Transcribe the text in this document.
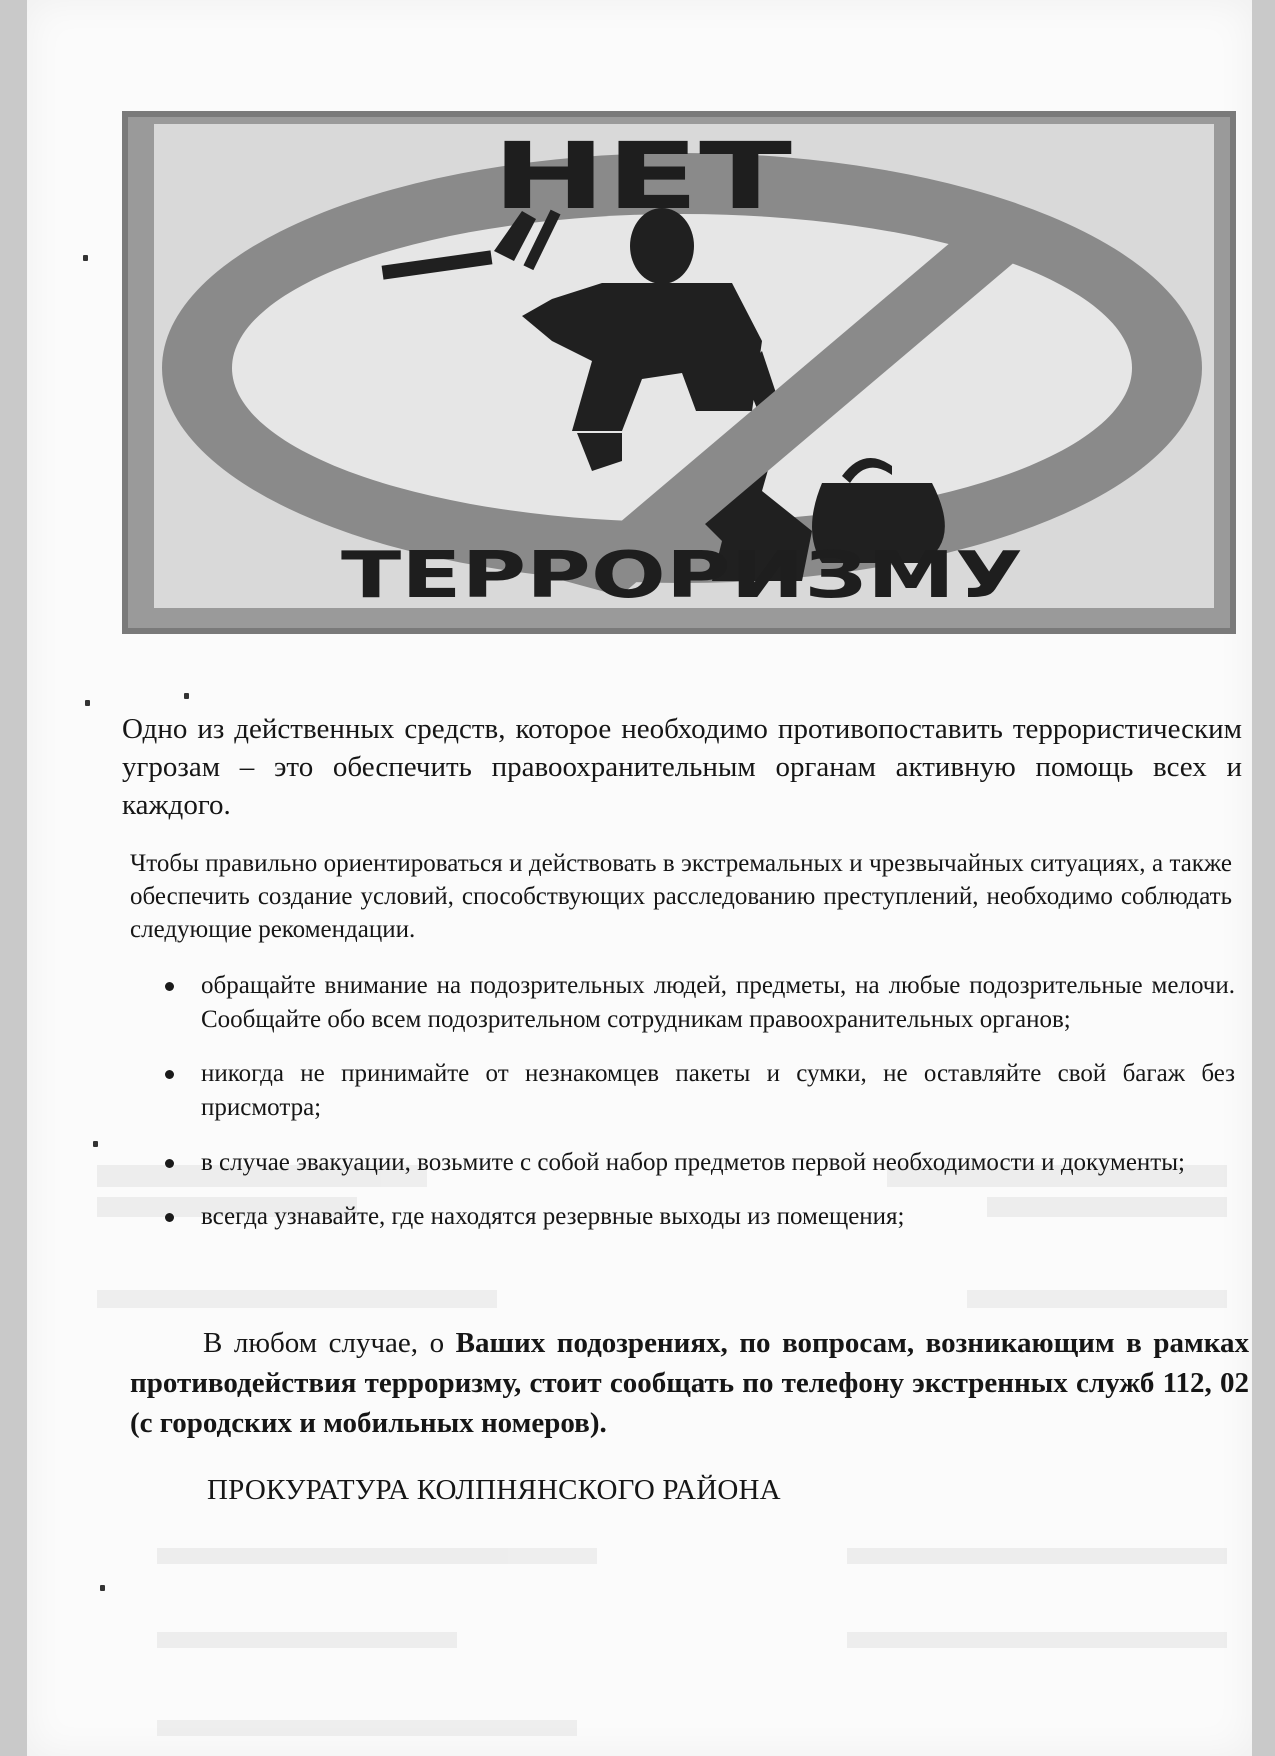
НЕТ
ТЕРРОРИЗМУ

Одно из действенных средств, которое необходимо противопоставить террористическим угрозам – это обеспечить правоохранительным органам активную помощь всех и каждого.

Чтобы правильно ориентироваться и действовать в экстремальных и чрезвычайных ситуациях, а также обеспечить создание условий, способствующих расследованию преступлений, необходимо соблюдать следующие рекомендации.

обращайте внимание на подозрительных людей, предметы, на любые подозрительные мелочи. Сообщайте обо всем подозрительном сотрудникам правоохранительных органов;
никогда не принимайте от незнакомцев пакеты и сумки, не оставляйте свой багаж без присмотра;
в случае эвакуации, возьмите с собой набор предметов первой необходимости и документы;
всегда узнавайте, где находятся резервные выходы из помещения;

В любом случае, о Ваших подозрениях, по вопросам, возникающим в рамках противодействия терроризму, стоит сообщать по телефону экстренных служб 112, 02 (с городских и мобильных номеров).

ПРОКУРАТУРА КОЛПНЯНСКОГО РАЙОНА
